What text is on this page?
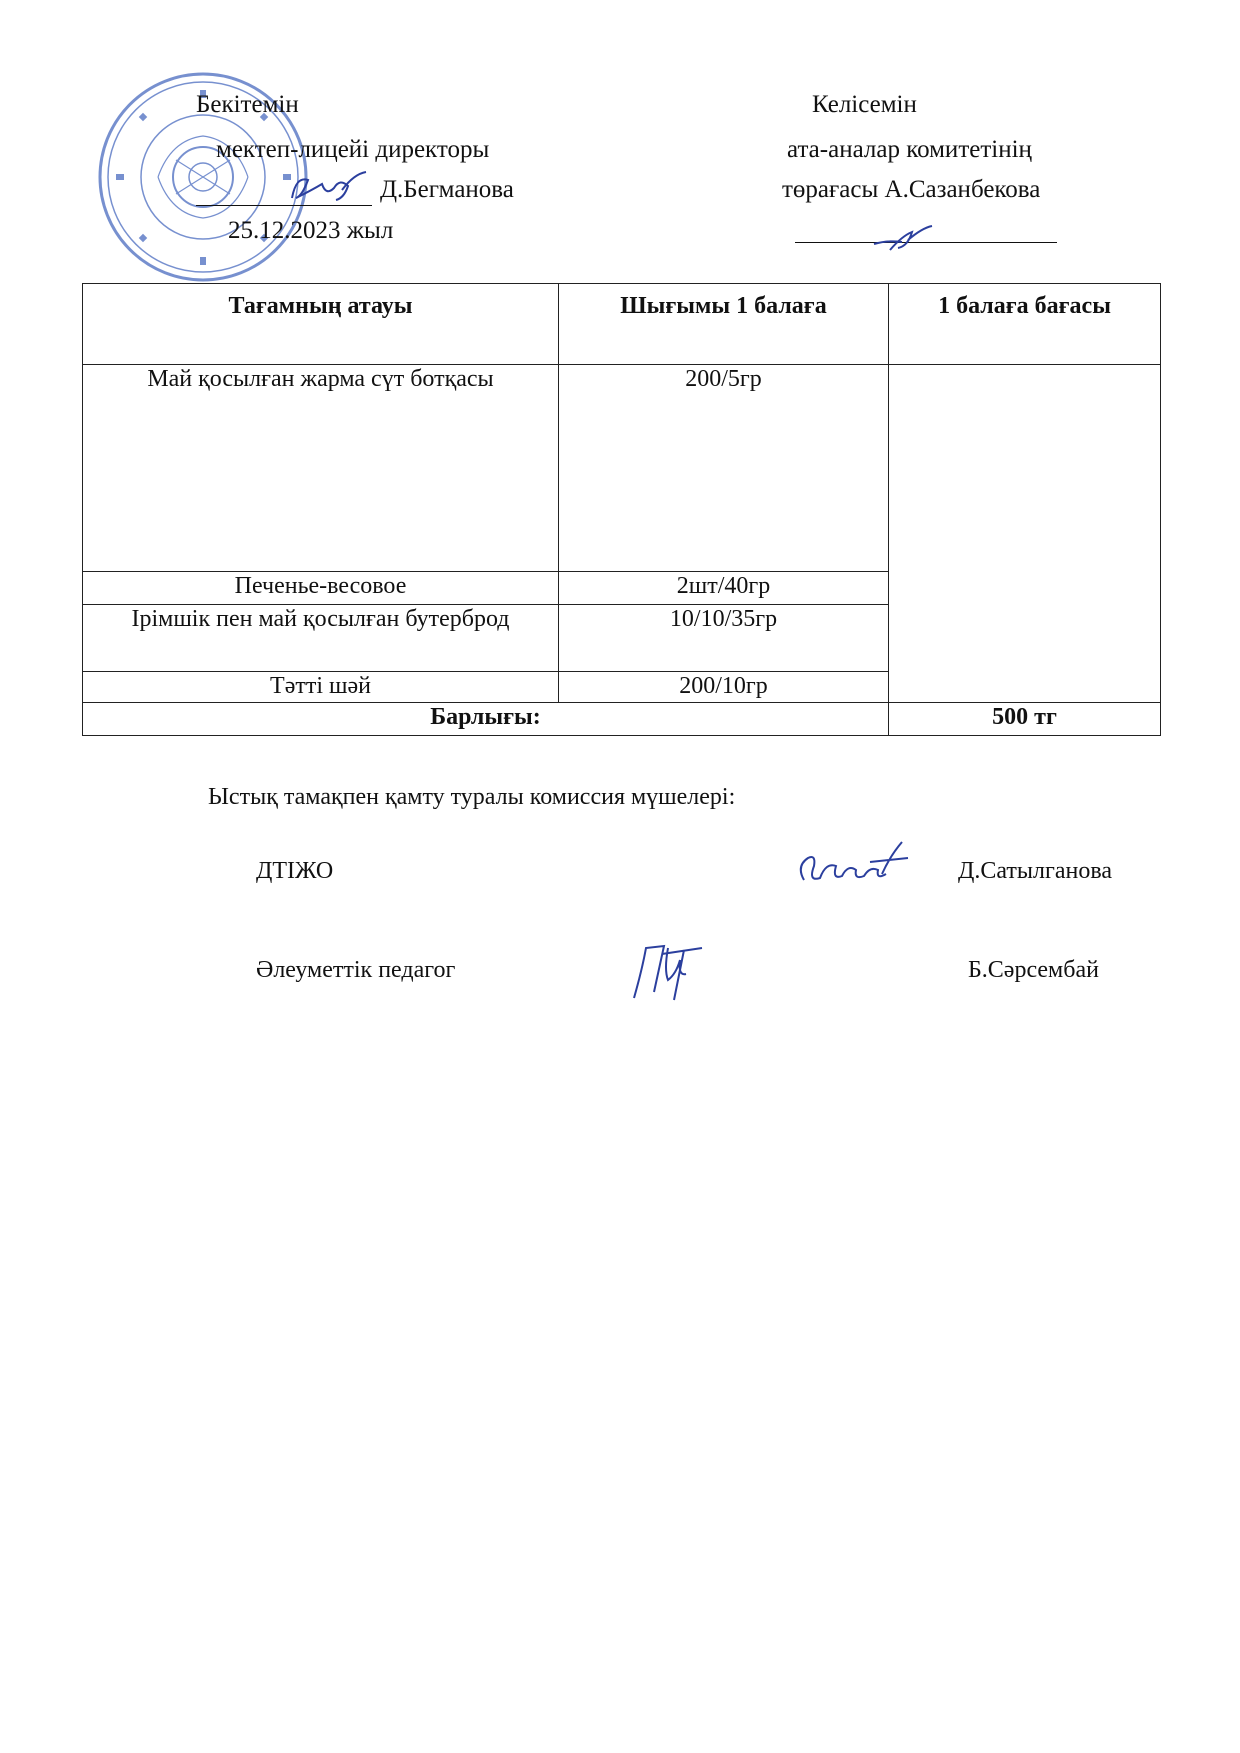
Бекітемін
мектеп-лицейі директоры
Д.Бегманова
25.12.2023 жыл
Келісемін
ата-аналар комитетінің
төрағасы А.Сазанбекова
Тағамның атауы	Шығымы 1 балаға	1 балаға бағасы
Май қосылған жарма сүт ботқасы	200/5гр	
Печенье-весовое	2шт/40гр	
Ірімшік пен май қосылған бутерброд	10/10/35гр	
Тәтті шәй	200/10гр	
Барлығы:		500 тг
Ыстық тамақпен қамту туралы комиссия мүшелері:
ДТІЖО	Д.Сатылганова
Әлеуметтік педагог	Б.Сәрсембай
